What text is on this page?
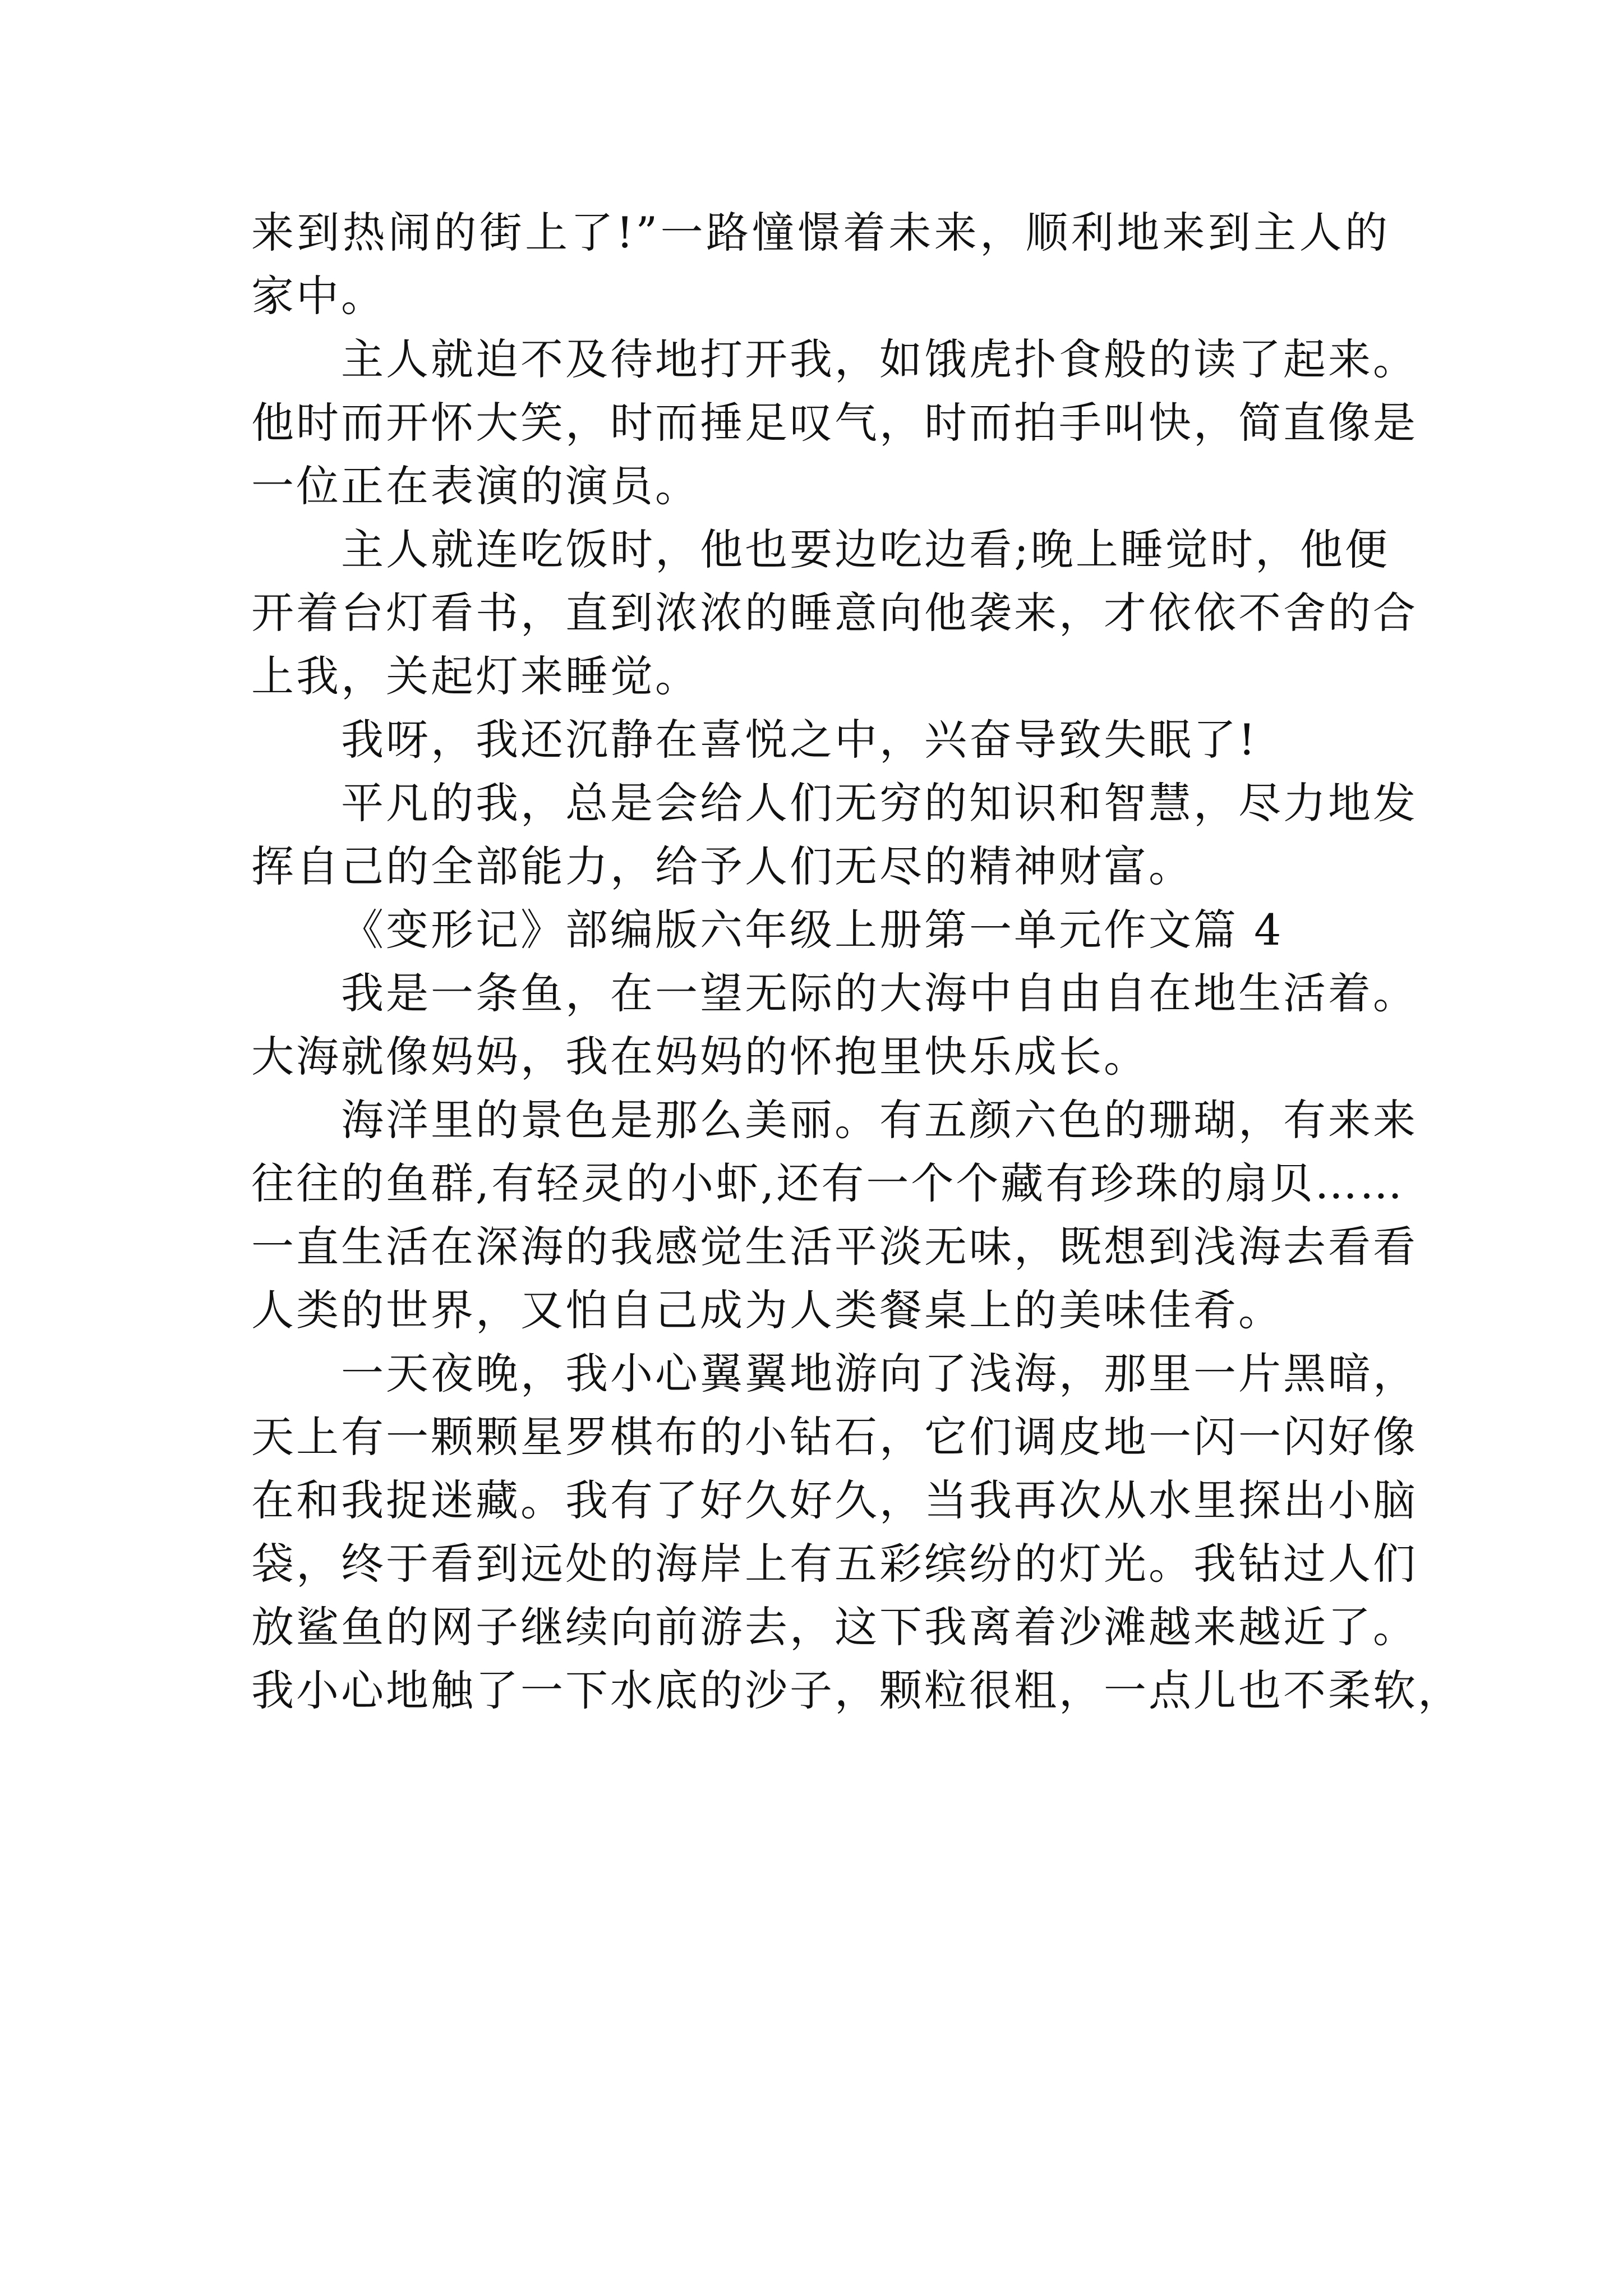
来到热闹的街上了!”一路憧憬着未来，顺利地来到主人的
家中。
主人就迫不及待地打开我，如饿虎扑食般的读了起来。
他时而开怀大笑，时而捶足叹气，时而拍手叫快，简直像是
一位正在表演的演员。
主人就连吃饭时，他也要边吃边看;晚上睡觉时，他便
开着台灯看书，直到浓浓的睡意向他袭来，才依依不舍的合
上我，关起灯来睡觉。
我呀，我还沉静在喜悦之中，兴奋导致失眠了!
平凡的我，总是会给人们无穷的知识和智慧，尽力地发
挥自己的全部能力，给予人们无尽的精神财富。
《变形记》部编版六年级上册第一单元作文篇 4
我是一条鱼，在一望无际的大海中自由自在地生活着。
大海就像妈妈，我在妈妈的怀抱里快乐成长。
海洋里的景色是那么美丽。有五颜六色的珊瑚，有来来
往往的鱼群,有轻灵的小虾,还有一个个藏有珍珠的扇贝……
一直生活在深海的我感觉生活平淡无味，既想到浅海去看看
人类的世界，又怕自己成为人类餐桌上的美味佳肴。
一天夜晚，我小心翼翼地游向了浅海，那里一片黑暗，
天上有一颗颗星罗棋布的小钻石，它们调皮地一闪一闪好像
在和我捉迷藏。我有了好久好久，当我再次从水里探出小脑
袋，终于看到远处的海岸上有五彩缤纷的灯光。我钻过人们
放鲨鱼的网子继续向前游去，这下我离着沙滩越来越近了。
我小心地触了一下水底的沙子，颗粒很粗，一点儿也不柔软，
